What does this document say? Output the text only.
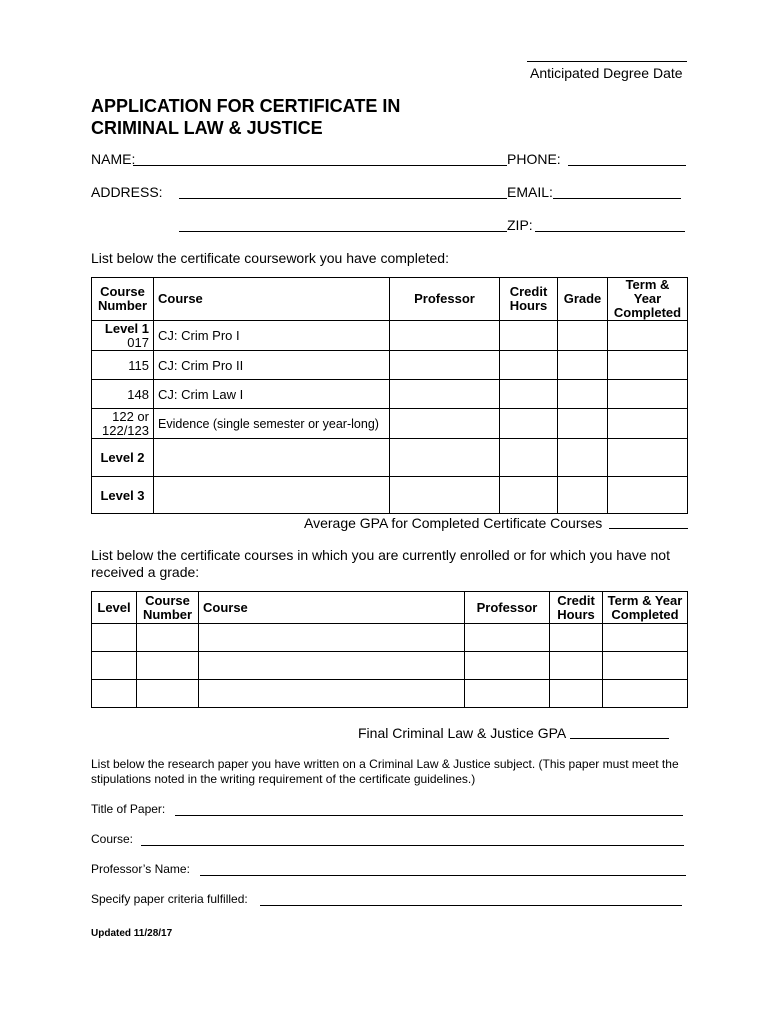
Anticipated Degree Date
APPLICATION FOR CERTIFICATE IN
CRIMINAL LAW & JUSTICE
NAME:	PHONE:
ADDRESS:	EMAIL:
ZIP:
List below the certificate coursework you have completed:
Course Number	Course	Professor	Credit Hours	Grade	Term & Year Completed
Level 1
017	CJ: Crim Pro I				
115	CJ: Crim Pro II				
148	CJ: Crim Law I				
122 or
122/123	Evidence (single semester or year-long)				
Level 2					
Level 3					
Average GPA for Completed Certificate Courses
List below the certificate courses in which you are currently enrolled or for which you have not received a grade:
Level	Course Number	Course	Professor	Credit Hours	Term & Year Completed

Final Criminal Law & Justice GPA
List below the research paper you have written on a Criminal Law & Justice subject. (This paper must meet the stipulations noted in the writing requirement of the certificate guidelines.)
Title of Paper:
Course:
Professor’s Name:
Specify paper criteria fulfilled:
Updated 11/28/17
